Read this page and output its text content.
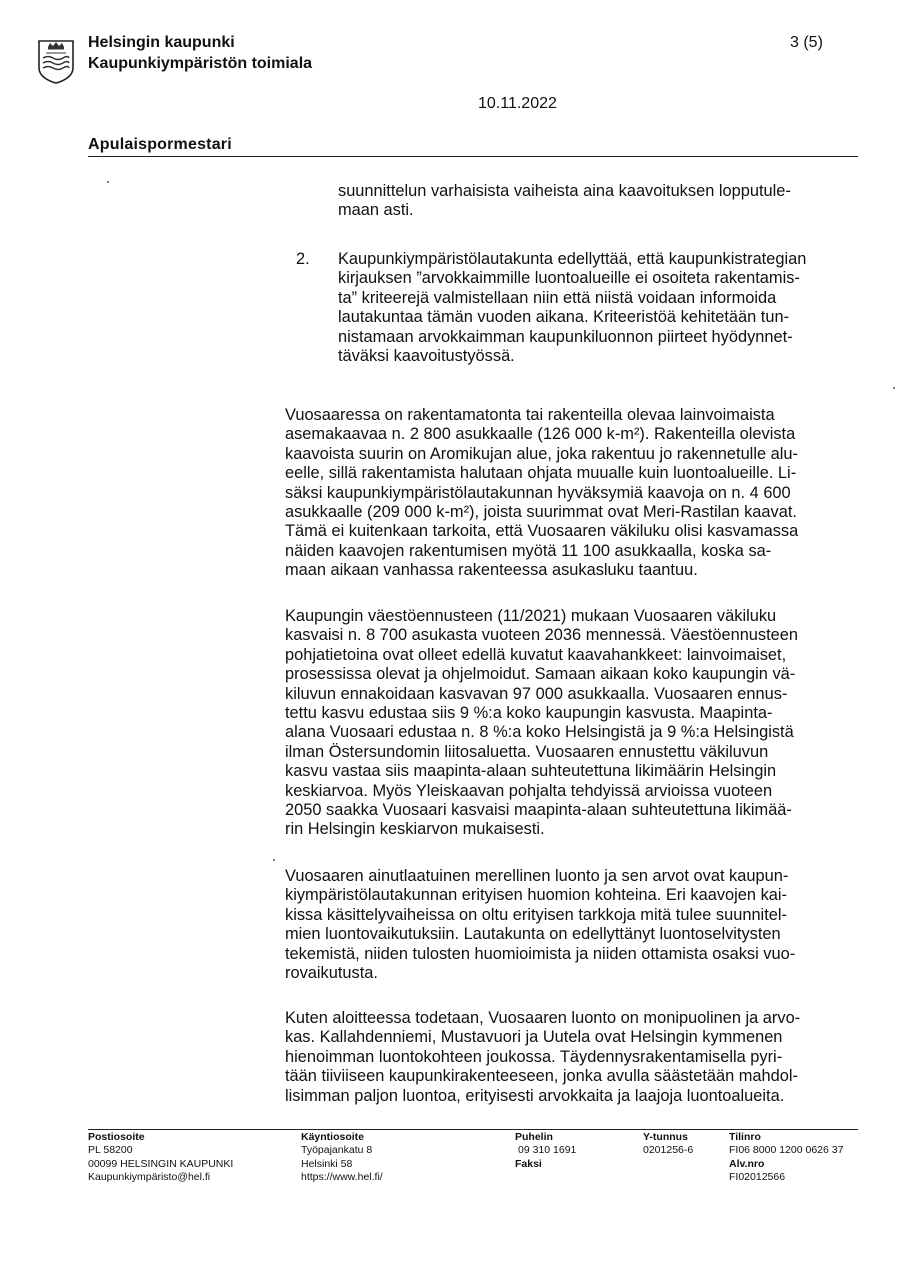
Helsingin kaupunki
Kaupunkiympäristön toimiala
3 (5)
10.11.2022
Apulaispormestari
suunnittelun varhaisista vaiheista aina kaavoituksen lopputule-
maan asti.
2. Kaupunkiympäristölautakunta edellyttää, että kaupunkistrategian
kirjauksen ”arvokkaimmille luontoalueille ei osoiteta rakentamis-
ta” kriteerejä valmistellaan niin että niistä voidaan informoida
lautakuntaa tämän vuoden aikana. Kriteeristöä kehitetään tun-
nistamaan arvokkaimman kaupunkiluonnon piirteet hyödynnet-
täväksi kaavoitustyössä.
Vuosaaressa on rakentamatonta tai rakenteilla olevaa lainvoimaista
asemakaavaa n. 2 800 asukkaalle (126 000 k-m²). Rakenteilla olevista
kaavoista suurin on Aromikujan alue, joka rakentuu jo rakennetulle alu-
eelle, sillä rakentamista halutaan ohjata muualle kuin luontoalueille. Li-
säksi kaupunkiympäristölautakunnan hyväksymiä kaavoja on n. 4 600
asukkaalle (209 000 k-m²), joista suurimmat ovat Meri-Rastilan kaavat.
Tämä ei kuitenkaan tarkoita, että Vuosaaren väkiluku olisi kasvamassa
näiden kaavojen rakentumisen myötä 11 100 asukkaalla, koska sa-
maan aikaan vanhassa rakenteessa asukasluku taantuu.
Kaupungin väestöennusteen (11/2021) mukaan Vuosaaren väkiluku
kasvaisi n. 8 700 asukasta vuoteen 2036 mennessä. Väestöennusteen
pohjatietoina ovat olleet edellä kuvatut kaavahankkeet: lainvoimaiset,
prosessissa olevat ja ohjelmoidut. Samaan aikaan koko kaupungin vä-
kiluvun ennakoidaan kasvavan 97 000 asukkaalla. Vuosaaren ennus-
tettu kasvu edustaa siis 9 %:a koko kaupungin kasvusta. Maapinta-
alana Vuosaari edustaa n. 8 %:a koko Helsingistä ja 9 %:a Helsingistä
ilman Östersundomin liitosaluetta. Vuosaaren ennustettu väkiluvun
kasvu vastaa siis maapinta-alaan suhteutettuna likimäärin Helsingin
keskiarvoa. Myös Yleiskaavan pohjalta tehdyissä arvioissa vuoteen
2050 saakka Vuosaari kasvaisi maapinta-alaan suhteutettuna likimää-
rin Helsingin keskiarvon mukaisesti.
Vuosaaren ainutlaatuinen merellinen luonto ja sen arvot ovat kaupun-
kiympäristölautakunnan erityisen huomion kohteina. Eri kaavojen kai-
kissa käsittelyvaiheissa on oltu erityisen tarkkoja mitä tulee suunnitel-
mien luontovaikutuksiin. Lautakunta on edellyttänyt luontoselvitysten
tekemistä, niiden tulosten huomioimista ja niiden ottamista osaksi vuo-
rovaikutusta.
Kuten aloitteessa todetaan, Vuosaaren luonto on monipuolinen ja arvo-
kas. Kallahdenniemi, Mustavuori ja Uutela ovat Helsingin kymmenen
hienoimman luontokohteen joukossa. Täydennysrakentamisella pyri-
tään tiiviiseen kaupunkirakenteeseen, jonka avulla säästetään mahdol-
lisimman paljon luontoa, erityisesti arvokkaita ja laajoja luontoalueita.
Postiosoite
PL 58200
00099 HELSINGIN KAUPUNKI
Kaupunkiympäristo@hel.fi
Käyntiosoite
Työpajankatu 8
Helsinki 58
https://www.hel.fi/
Puhelin
09 310 1691
Faksi
Y-tunnus
0201256-6
Tilinro
FI06 8000 1200 0626 37
Alv.nro
FI02012566
